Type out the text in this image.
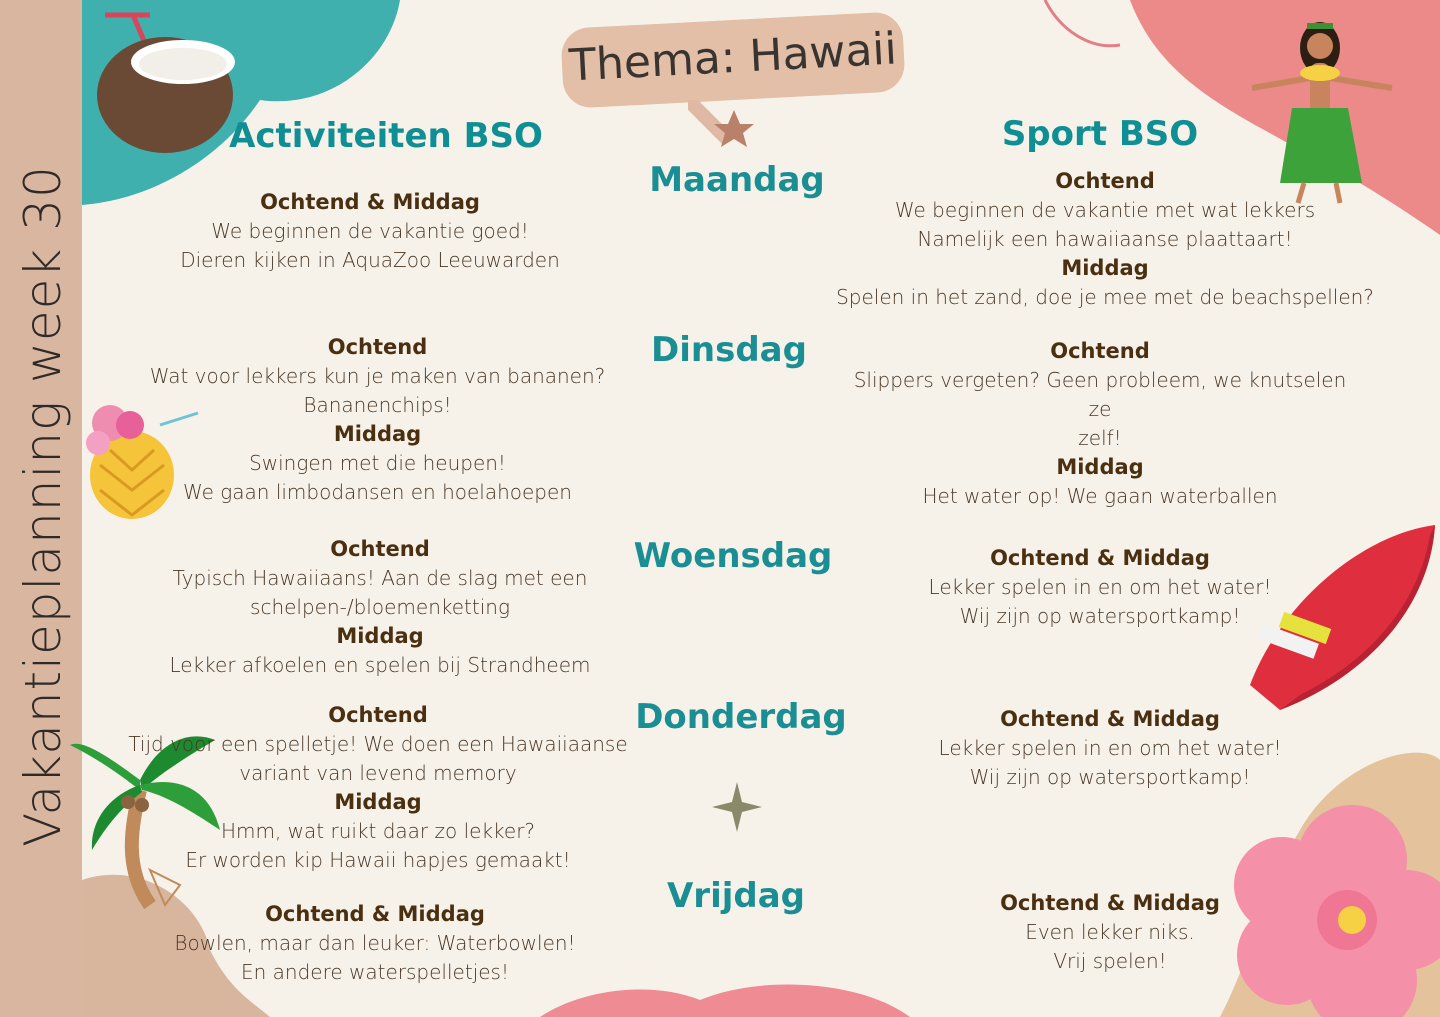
Vakantieplanning week 30
Thema: Hawaii
Activiteiten BSO	Sport BSO
Maandag
Dinsdag
Woensdag
Donderdag
Vrijdag
Ochtend & Middag
We beginnen de vakantie goed!
Dieren kijken in AquaZoo Leeuwarden
Ochtend
Wat voor lekkers kun je maken van bananen?
Bananenchips!
Middag
Swingen met die heupen!
We gaan limbodansen en hoelahoepen
Ochtend
Typisch Hawaiiaans! Aan de slag met een
schelpen-/bloemenketting
Middag
Lekker afkoelen en spelen bij Strandheem
Ochtend
Tijd voor een spelletje! We doen een Hawaiiaanse
variant van levend memory
Middag
Hmm, wat ruikt daar zo lekker?
Er worden kip Hawaii hapjes gemaakt!
Ochtend & Middag
Bowlen, maar dan leuker: Waterbowlen!
En andere waterspelletjes!
Ochtend
We beginnen de vakantie met wat lekkers
Namelijk een hawaiiaanse plaattaart!
Middag
Spelen in het zand, doe je mee met de beachspellen?
Ochtend
Slippers vergeten? Geen probleem, we knutselen ze
zelf!
Middag
Het water op! We gaan waterballen
Ochtend & Middag
Lekker spelen in en om het water!
Wij zijn op watersportkamp!
Ochtend & Middag
Lekker spelen in en om het water!
Wij zijn op watersportkamp!
Ochtend & Middag
Even lekker niks.
Vrij spelen!
